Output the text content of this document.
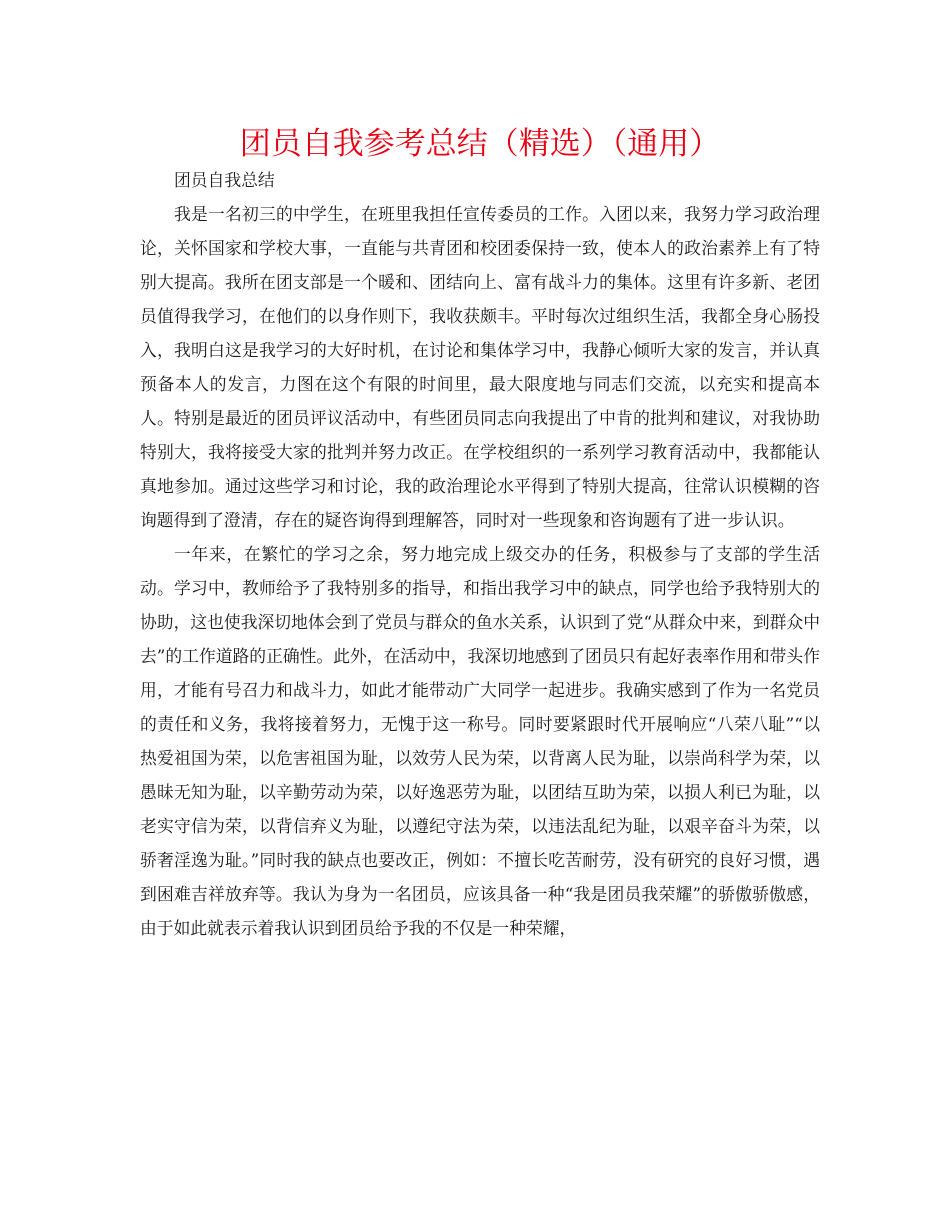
团员自我参考总结（精选）（通用）

团员自我总结

我是一名初三的中学生，在班里我担任宣传委员的工作。入团以来，我努力学习政治理论，关怀国家和学校大事，一直能与共青团和校团委保持一致，使本人的政治素养上有了特别大提高。我所在团支部是一个暖和、团结向上、富有战斗力的集体。这里有许多新、老团员值得我学习，在他们的以身作则下，我收获颇丰。平时每次过组织生活，我都全身心肠投入，我明白这是我学习的大好时机，在讨论和集体学习中，我静心倾听大家的发言，并认真预备本人的发言，力图在这个有限的时间里，最大限度地与同志们交流，以充实和提高本人。特别是最近的团员评议活动中，有些团员同志向我提出了中肯的批判和建议，对我协助特别大，我将接受大家的批判并努力改正。在学校组织的一系列学习教育活动中，我都能认真地参加。通过这些学习和讨论，我的政治理论水平得到了特别大提高，往常认识模糊的咨询题得到了澄清，存在的疑咨询得到理解答，同时对一些现象和咨询题有了进一步认识。

一年来，在繁忙的学习之余，努力地完成上级交办的任务，积极参与了支部的学生活动。学习中，教师给予了我特别多的指导，和指出我学习中的缺点，同学也给予我特别大的协助，这也使我深切地体会到了党员与群众的鱼水关系，认识到了党“从群众中来，到群众中去”的工作道路的正确性。此外，在活动中，我深切地感到了团员只有起好表率作用和带头作用，才能有号召力和战斗力，如此才能带动广大同学一起进步。我确实感到了作为一名党员的责任和义务，我将接着努力，无愧于这一称号。同时要紧跟时代开展响应“八荣八耻”“以热爱祖国为荣，以危害祖国为耻，以效劳人民为荣，以背离人民为耻，以崇尚科学为荣，以愚昧无知为耻，以辛勤劳动为荣，以好逸恶劳为耻，以团结互助为荣，以损人利已为耻，以老实守信为荣，以背信弃义为耻，以遵纪守法为荣，以违法乱纪为耻，以艰辛奋斗为荣，以骄奢淫逸为耻。”同时我的缺点也要改正，例如：不擅长吃苦耐劳，没有研究的良好习惯，遇到困难吉祥放弃等。我认为身为一名团员，应该具备一种“我是团员我荣耀”的骄傲骄傲感，由于如此就表示着我认识到团员给予我的不仅是一种荣耀，
